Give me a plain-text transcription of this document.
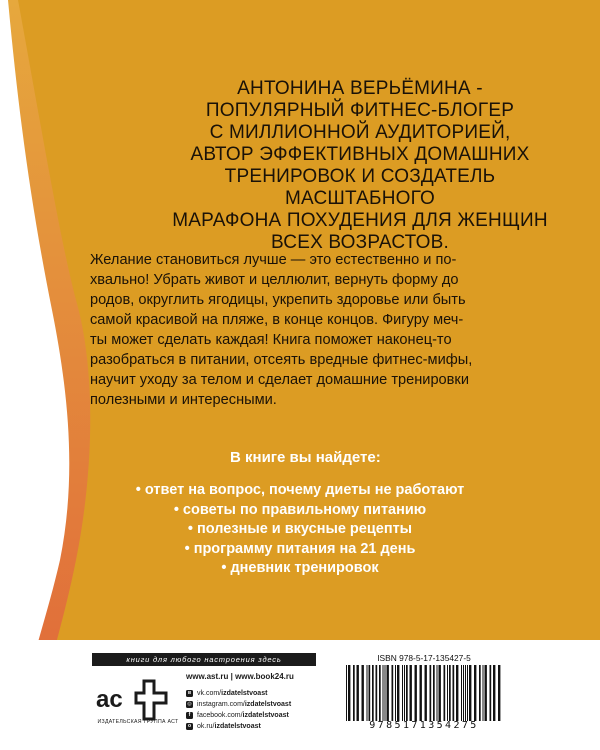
АНТОНИНА ВЕРЬЁМИНА -
ПОПУЛЯРНЫЙ ФИТНЕС-БЛОГЕР
С МИЛЛИОННОЙ АУДИТОРИЕЙ,
АВТОР ЭФФЕКТИВНЫХ ДОМАШНИХ
ТРЕНИРОВОК И СОЗДАТЕЛЬ МАСШТАБНОГО
МАРАФОНА ПОХУДЕНИЯ ДЛЯ ЖЕНЩИН
ВСЕХ ВОЗРАСТОВ.
Желание становиться лучше — это естественно и по-
хвально! Убрать живот и целлюлит, вернуть форму до
родов, округлить ягодицы, укрепить здоровье или быть
самой красивой на пляже, в конце концов. Фигуру меч-
ты может сделать каждая! Книга поможет наконец-то
разобраться в питании, отсеять вредные фитнес-мифы,
научит уходу за телом и сделает домашние тренировки
полезными и интересными.
В книге вы найдете:
• ответ на вопрос, почему диеты не работают
• советы по правильному питанию
• полезные и вкусные рецепты
• программу питания на 21 день
• дневник тренировок
книги для любого настроения здесь
ас
ИЗДАТЕЛЬСКАЯ ГРУППА АСТ
www.ast.ru | www.book24.ru
в vk.com/ izdatelstvoast
◎ instagram.com/ izdatelstvoast
f facebook.com/ izdatelstvoast
о ok.ru/ izdatelstvoast
ISBN 978-5-17-135427-5
9785171354275
